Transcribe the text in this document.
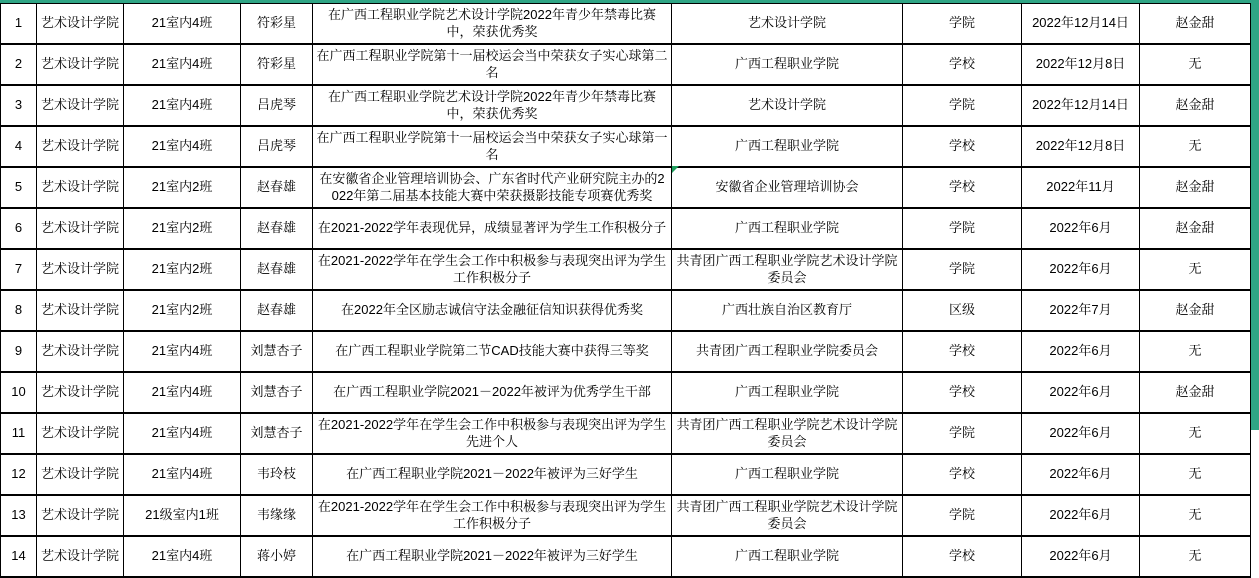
1	艺术设计学院	21室内4班	符彩星	在广西工程职业学院艺术设计学院2022年青少年禁毒比赛中，荣获优秀奖	艺术设计学院	学院	2022年12月14日	赵金甜
2	艺术设计学院	21室内4班	符彩星	在广西工程职业学院第十一届校运会当中荣获女子实心球第二名	广西工程职业学院	学校	2022年12月8日	无
3	艺术设计学院	21室内4班	吕虎琴	在广西工程职业学院艺术设计学院2022年青少年禁毒比赛中，荣获优秀奖	艺术设计学院	学院	2022年12月14日	赵金甜
4	艺术设计学院	21室内4班	吕虎琴	在广西工程职业学院第十一届校运会当中荣获女子实心球第一名	广西工程职业学院	学校	2022年12月8日	无
5	艺术设计学院	21室内2班	赵春雄	在安徽省企业管理培训协会、广东省时代产业研究院主办的2022年第二届基本技能大赛中荣获摄影技能专项赛优秀奖	安徽省企业管理培训协会	学校	2022年11月	赵金甜
6	艺术设计学院	21室内2班	赵春雄	在2021-2022学年表现优异，成绩显著评为学生工作积极分子	广西工程职业学院	学院	2022年6月	赵金甜
7	艺术设计学院	21室内2班	赵春雄	在2021-2022学年在学生会工作中积极参与表现突出评为学生工作积极分子	共青团广西工程职业学院艺术设计学院委员会	学院	2022年6月	无
8	艺术设计学院	21室内2班	赵春雄	在2022年全区励志诚信守法金融征信知识获得优秀奖	广西壮族自治区教育厅	区级	2022年7月	赵金甜
9	艺术设计学院	21室内4班	刘慧杏子	在广西工程职业学院第二节CAD技能大赛中获得三等奖	共青团广西工程职业学院委员会	学校	2022年6月	无
10	艺术设计学院	21室内4班	刘慧杏子	在广西工程职业学院2021－2022年被评为优秀学生干部	广西工程职业学院	学校	2022年6月	赵金甜
11	艺术设计学院	21室内4班	刘慧杏子	在2021-2022学年在学生会工作中积极参与表现突出评为学生先进个人	共青团广西工程职业学院艺术设计学院委员会	学院	2022年6月	无
12	艺术设计学院	21室内4班	韦玲枝	在广西工程职业学院2021－2022年被评为三好学生	广西工程职业学院	学校	2022年6月	无
13	艺术设计学院	21级室内1班	韦缘缘	在2021-2022学年在学生会工作中积极参与表现突出评为学生工作积极分子	共青团广西工程职业学院艺术设计学院委员会	学院	2022年6月	无
14	艺术设计学院	21室内4班	蒋小婷	在广西工程职业学院2021－2022年被评为三好学生	广西工程职业学院	学校	2022年6月	无
